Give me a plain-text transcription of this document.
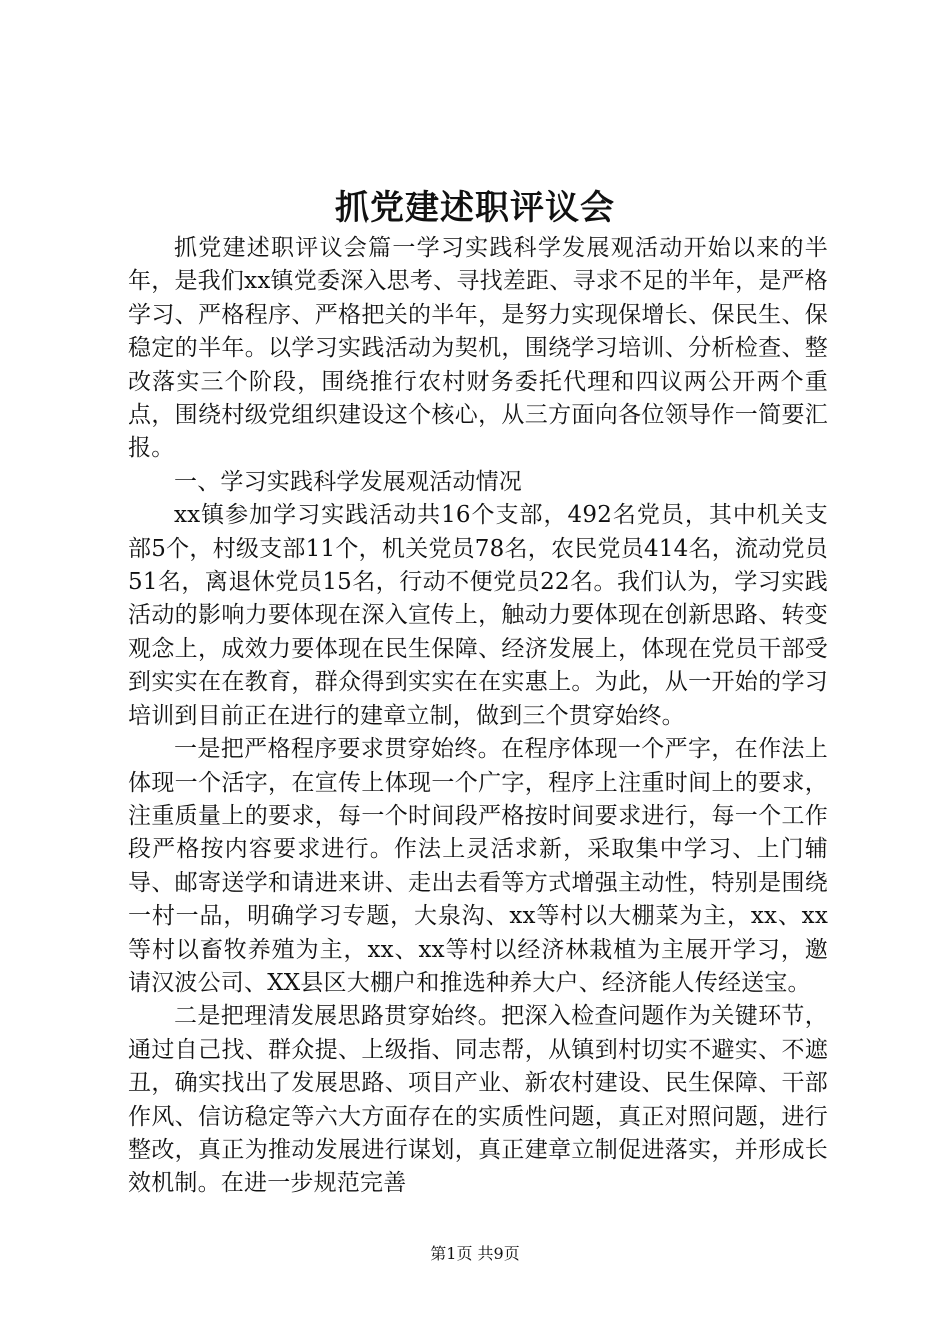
抓党建述职评议会

抓党建述职评议会篇一学习实践科学发展观活动开始以来的半年，是我们xx镇党委深入思考、寻找差距、寻求不足的半年，是严格学习、严格程序、严格把关的半年，是努力实现保增长、保民生、保稳定的半年。以学习实践活动为契机，围绕学习培训、分析检查、整改落实三个阶段，围绕推行农村财务委托代理和四议两公开两个重点，围绕村级党组织建设这个核心，从三方面向各位领导作一简要汇报。

一、学习实践科学发展观活动情况

xx镇参加学习实践活动共16个支部，492名党员，其中机关支部5个，村级支部11个，机关党员78名，农民党员414名，流动党员51名，离退休党员15名，行动不便党员22名。我们认为，学习实践活动的影响力要体现在深入宣传上，触动力要体现在创新思路、转变观念上，成效力要体现在民生保障、经济发展上，体现在党员干部受到实实在在教育，群众得到实实在在实惠上。为此，从一开始的学习培训到目前正在进行的建章立制，做到三个贯穿始终。

一是把严格程序要求贯穿始终。在程序体现一个严字，在作法上体现一个活字，在宣传上体现一个广字，程序上注重时间上的要求，注重质量上的要求，每一个时间段严格按时间要求进行，每一个工作段严格按内容要求进行。作法上灵活求新，采取集中学习、上门辅导、邮寄送学和请进来讲、走出去看等方式增强主动性，特别是围绕一村一品，明确学习专题，大泉沟、xx等村以大棚菜为主，xx、xx等村以畜牧养殖为主，xx、xx等村以经济林栽植为主展开学习，邀请汉波公司、XX县区大棚户和推选种养大户、经济能人传经送宝。

二是把理清发展思路贯穿始终。把深入检查问题作为关键环节，通过自己找、群众提、上级指、同志帮，从镇到村切实不避实、不遮丑，确实找出了发展思路、项目产业、新农村建设、民生保障、干部作风、信访稳定等六大方面存在的实质性问题，真正对照问题，进行整改，真正为推动发展进行谋划，真正建章立制促进落实，并形成长效机制。在进一步规范完善

第1页 共9页
